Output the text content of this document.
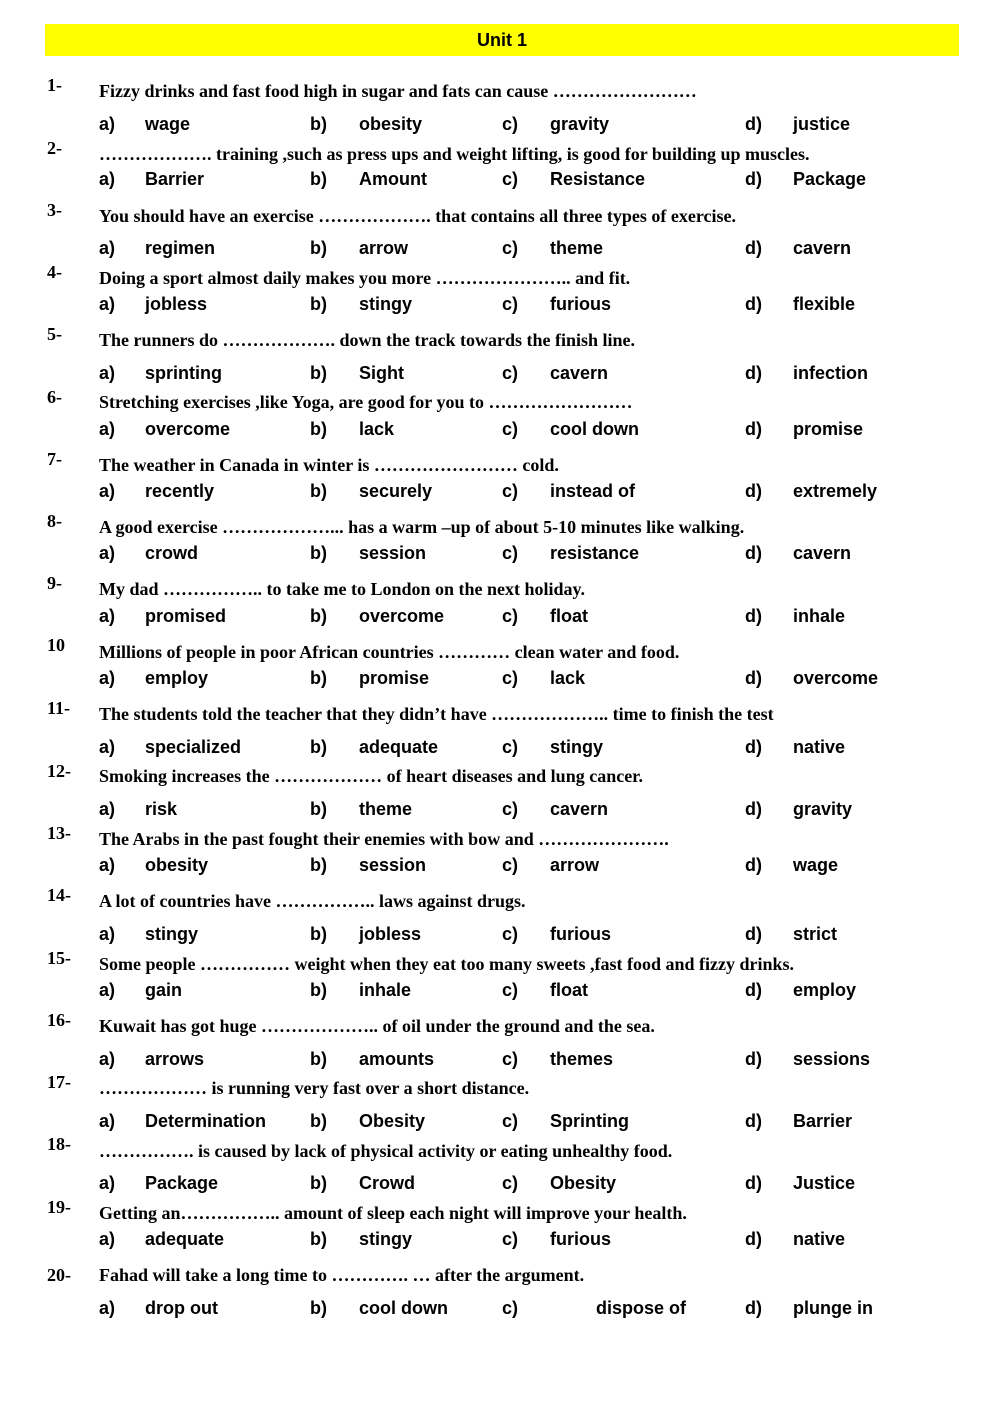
Unit 1
1- Fizzy drinks and fast food high in sugar and fats can cause ……………………
a) wage	b) obesity	c) gravity	d) justice
2- ………………. training ,such as press ups and weight lifting, is good for building up muscles.
a) Barrier	b) Amount	c) Resistance	d) Package
3- You should have an exercise ………………. that contains all three types of exercise.
a) regimen	b) arrow	c) theme	d) cavern
4- Doing a sport almost daily makes you more ………………….. and fit.
a) jobless	b) stingy	c) furious	d) flexible
5- The runners do ………………. down the track towards the finish line.
a) sprinting	b) Sight	c) cavern	d) infection
6- Stretching exercises ,like Yoga, are good for you to ……………………
a) overcome	b) lack	c) cool down	d) promise
7- The weather in Canada in winter is …………………… cold.
a) recently	b) securely	c) instead of	d) extremely
8- A good exercise ………………... has a warm –up of about 5-10 minutes like walking.
a) crowd	b) session	c) resistance	d) cavern
9- My dad …………….. to take me to London on the next holiday.
a) promised	b) overcome	c) float	d) inhale
10 Millions of people in poor African countries ………… clean water and food.
a) employ	b) promise	c) lack	d) overcome
11- The students told the teacher that they didn’t have ……………….. time to finish the test
a) specialized	b) adequate	c) stingy	d) native
12- Smoking increases the ……………… of heart diseases and lung cancer.
a) risk	b) theme	c) cavern	d) gravity
13- The Arabs in the past fought their enemies with bow and ………………….
a) obesity	b) session	c) arrow	d) wage
14- A lot of countries have …………….. laws against drugs.
a) stingy	b) jobless	c) furious	d) strict
15- Some people …………… weight when they eat too many sweets ,fast food and fizzy drinks.
a) gain	b) inhale	c) float	d) employ
16- Kuwait has got huge ……………….. of oil under the ground and the sea.
a) arrows	b) amounts	c) themes	d) sessions
17- ……………… is running very fast over a short distance.
a) Determination b) Obesity	c) Sprinting	d) Barrier
18- ……………. is caused by lack of physical activity or eating unhealthy food.
a) Package	b) Crowd	c) Obesity	d) Justice
19- Getting an…………….. amount of sleep each night will improve your health.
a) adequate	b) stingy	c) furious	d) native
20- Fahad will take a long time to …………. … after the argument.
a) drop out	b) cool down	c)	dispose of	d) plunge in
